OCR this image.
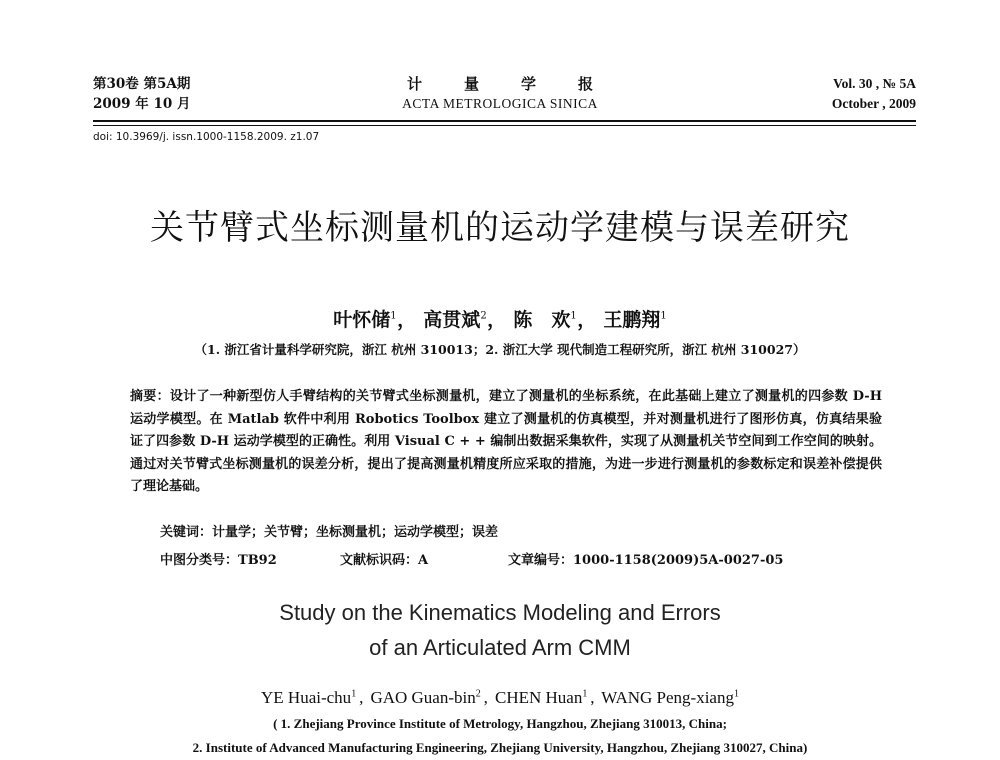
第30卷 第5A期
2009 年 10 月
计量学报
ACTA METROLOGICA SINICA
Vol. 30 , № 5A
October , 2009
doi: 10.3969/j. issn.1000-1158.2009. z1.07
关节臂式坐标测量机的运动学建模与误差研究
叶怀储$^1$， 高贯斌$^2$， 陈　欢$^1$， 王鹏翔$^1$
（1. 浙江省计量科学研究院，浙江 杭州 310013；2. 浙江大学 现代制造工程研究所，浙江 杭州 310027）
摘要：设计了一种新型仿人手臂结构的关节臂式坐标测量机，建立了测量机的坐标系统，在此基础上建立了测量机的四参数 D-H 运动学模型。在 Matlab 软件中利用 Robotics Toolbox 建立了测量机的仿真模型，并对测量机进行了图形仿真，仿真结果验证了四参数 D-H 运动学模型的正确性。利用 Visual C + + 编制出数据采集软件，实现了从测量机关节空间到工作空间的映射。通过对关节臂式坐标测量机的误差分析，提出了提高测量机精度所应采取的措施，为进一步进行测量机的参数标定和误差补偿提供了理论基础。
关键词：计量学；关节臂；坐标测量机；运动学模型；误差
中图分类号：TB92	文献标识码：A	文章编号：1000-1158(2009)5A-0027-05
Study on the Kinematics Modeling and Errors
of an Articulated Arm CMM
YE Huai-chu$^1$ , GAO Guan-bin$^2$ , CHEN Huan$^1$ , WANG Peng-xiang$^1$
( 1. Zhejiang Province Institute of Metrology, Hangzhou, Zhejiang 310013, China;
2. Institute of Advanced Manufacturing Engineering, Zhejiang University, Hangzhou, Zhejiang 310027, China)
